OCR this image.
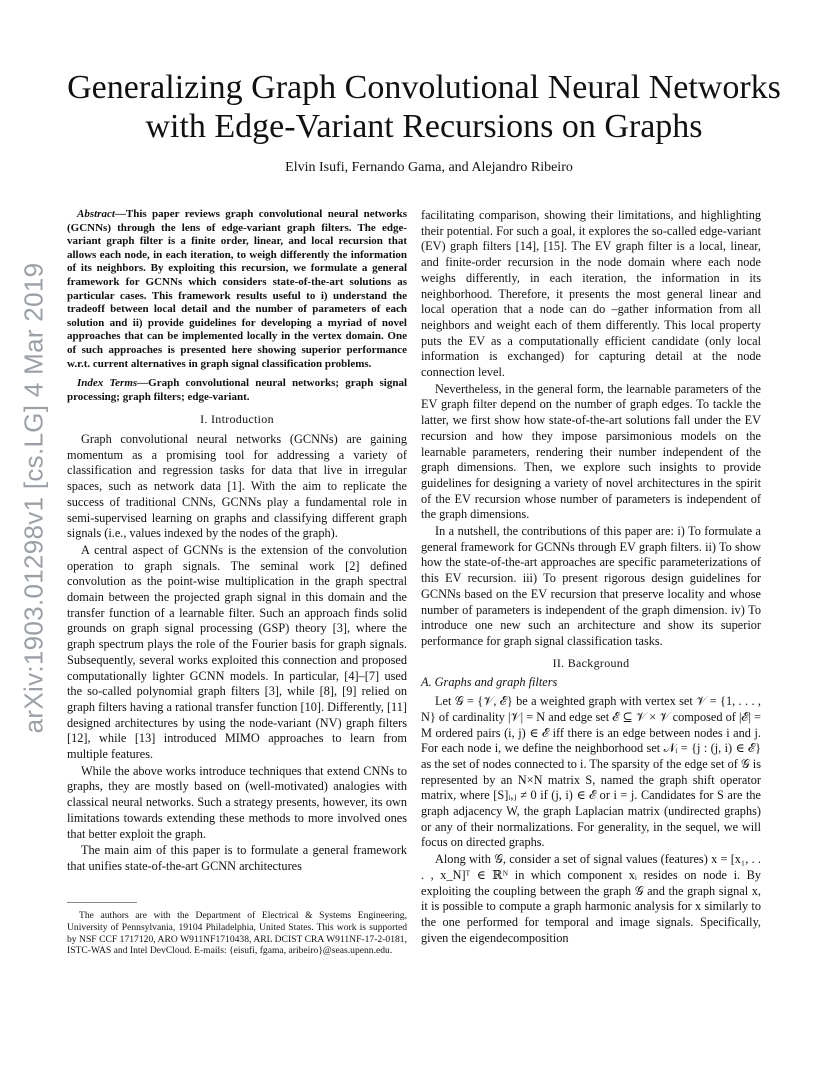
arXiv:1903.01298v1 [cs.LG] 4 Mar 2019
Generalizing Graph Convolutional Neural Networks
with Edge-Variant Recursions on Graphs
Elvin Isufi, Fernando Gama, and Alejandro Ribeiro

Abstract—This paper reviews graph convolutional neural networks (GCNNs) through the lens of edge-variant graph filters. The edge-variant graph filter is a finite order, linear, and local recursion that allows each node, in each iteration, to weigh differently the information of its neighbors. By exploiting this recursion, we formulate a general framework for GCNNs which considers state-of-the-art solutions as particular cases. This framework results useful to i) understand the tradeoff between local detail and the number of parameters of each solution and ii) provide guidelines for developing a myriad of novel approaches that can be implemented locally in the vertex domain. One of such approaches is presented here showing superior performance w.r.t. current alternatives in graph signal classification problems.

Index Terms—Graph convolutional neural networks; graph signal processing; graph filters; edge-variant.

I. Introduction

Graph convolutional neural networks (GCNNs) are gaining momentum as a promising tool for addressing a variety of classification and regression tasks for data that live in irregular spaces, such as network data [1]. With the aim to replicate the success of traditional CNNs, GCNNs play a fundamental role in semi-supervised learning on graphs and classifying different graph signals (i.e., values indexed by the nodes of the graph).

A central aspect of GCNNs is the extension of the convolution operation to graph signals. The seminal work [2] defined convolution as the point-wise multiplication in the graph spectral domain between the projected graph signal in this domain and the transfer function of a learnable filter. Such an approach finds solid grounds on graph signal processing (GSP) theory [3], where the graph spectrum plays the role of the Fourier basis for graph signals. Subsequently, several works exploited this connection and proposed computationally lighter GCNN models. In particular, [4]–[7] used the so-called polynomial graph filters [3], while [8], [9] relied on graph filters having a rational transfer function [10]. Differently, [11] designed architectures by using the node-variant (NV) graph filters [12], while [13] introduced MIMO approaches to learn from multiple features.

While the above works introduce techniques that extend CNNs to graphs, they are mostly based on (well-motivated) analogies with classical neural networks. Such a strategy presents, however, its own limitations towards extending these methods to more involved ones that better exploit the graph.

The main aim of this paper is to formulate a general framework that unifies state-of-the-art GCNN architectures

facilitating comparison, showing their limitations, and highlighting their potential. For such a goal, it explores the so-called edge-variant (EV) graph filters [14], [15]. The EV graph filter is a local, linear, and finite-order recursion in the node domain where each node weighs differently, in each iteration, the information in its neighborhood. Therefore, it presents the most general linear and local operation that a node can do –gather information from all neighbors and weight each of them differently. This local property puts the EV as a computationally efficient candidate (only local information is exchanged) for capturing detail at the node connection level.

Nevertheless, in the general form, the learnable parameters of the EV graph filter depend on the number of graph edges. To tackle the latter, we first show how state-of-the-art solutions fall under the EV recursion and how they impose parsimonious models on the learnable parameters, rendering their number independent of the graph dimensions. Then, we explore such insights to provide guidelines for designing a variety of novel architectures in the spirit of the EV recursion whose number of parameters is independent of the graph dimensions.

In a nutshell, the contributions of this paper are: i) To formulate a general framework for GCNNs through EV graph filters. ii) To show how the state-of-the-art approaches are specific parameterizations of this EV recursion. iii) To present rigorous design guidelines for GCNNs based on the EV recursion that preserve locality and whose number of parameters is independent of the graph dimension. iv) To introduce one new such an architecture and show its superior performance for graph signal classification tasks.

II. Background
A. Graphs and graph filters

Let 𝒢 = {𝒱, ℰ} be a weighted graph with vertex set 𝒱 = {1, . . . , N} of cardinality |𝒱| = N and edge set ℰ ⊆ 𝒱 × 𝒱 composed of |ℰ| = M ordered pairs (i, j) ∈ ℰ iff there is an edge between nodes i and j. For each node i, we define the neighborhood set 𝒩ᵢ = {j : (j, i) ∈ ℰ} as the set of nodes connected to i. The sparsity of the edge set of 𝒢 is represented by an N×N matrix S, named the graph shift operator matrix, where [S]ᵢ,ⱼ ≠ 0 if (j, i) ∈ ℰ or i = j. Candidates for S are the graph adjacency W, the graph Laplacian matrix (undirected graphs) or any of their normalizations. For generality, in the sequel, we will focus on directed graphs.

Along with 𝒢, consider a set of signal values (features) x = [x₁, . . . , x_N]ᵀ ∈ ℝᴺ in which component xᵢ resides on node i. By exploiting the coupling between the graph 𝒢 and the graph signal x, it is possible to compute a graph harmonic analysis for x similarly to the one performed for temporal and image signals. Specifically, given the eigendecomposition

The authors are with the Department of Electrical & Systems Engineering, University of Pennsylvania, 19104 Philadelphia, United States. This work is supported by NSF CCF 1717120, ARO W911NF1710438, ARL DCIST CRA W911NF-17-2-0181, ISTC-WAS and Intel DevCloud. E-mails: {eisufi, fgama, aribeiro}@seas.upenn.edu.
